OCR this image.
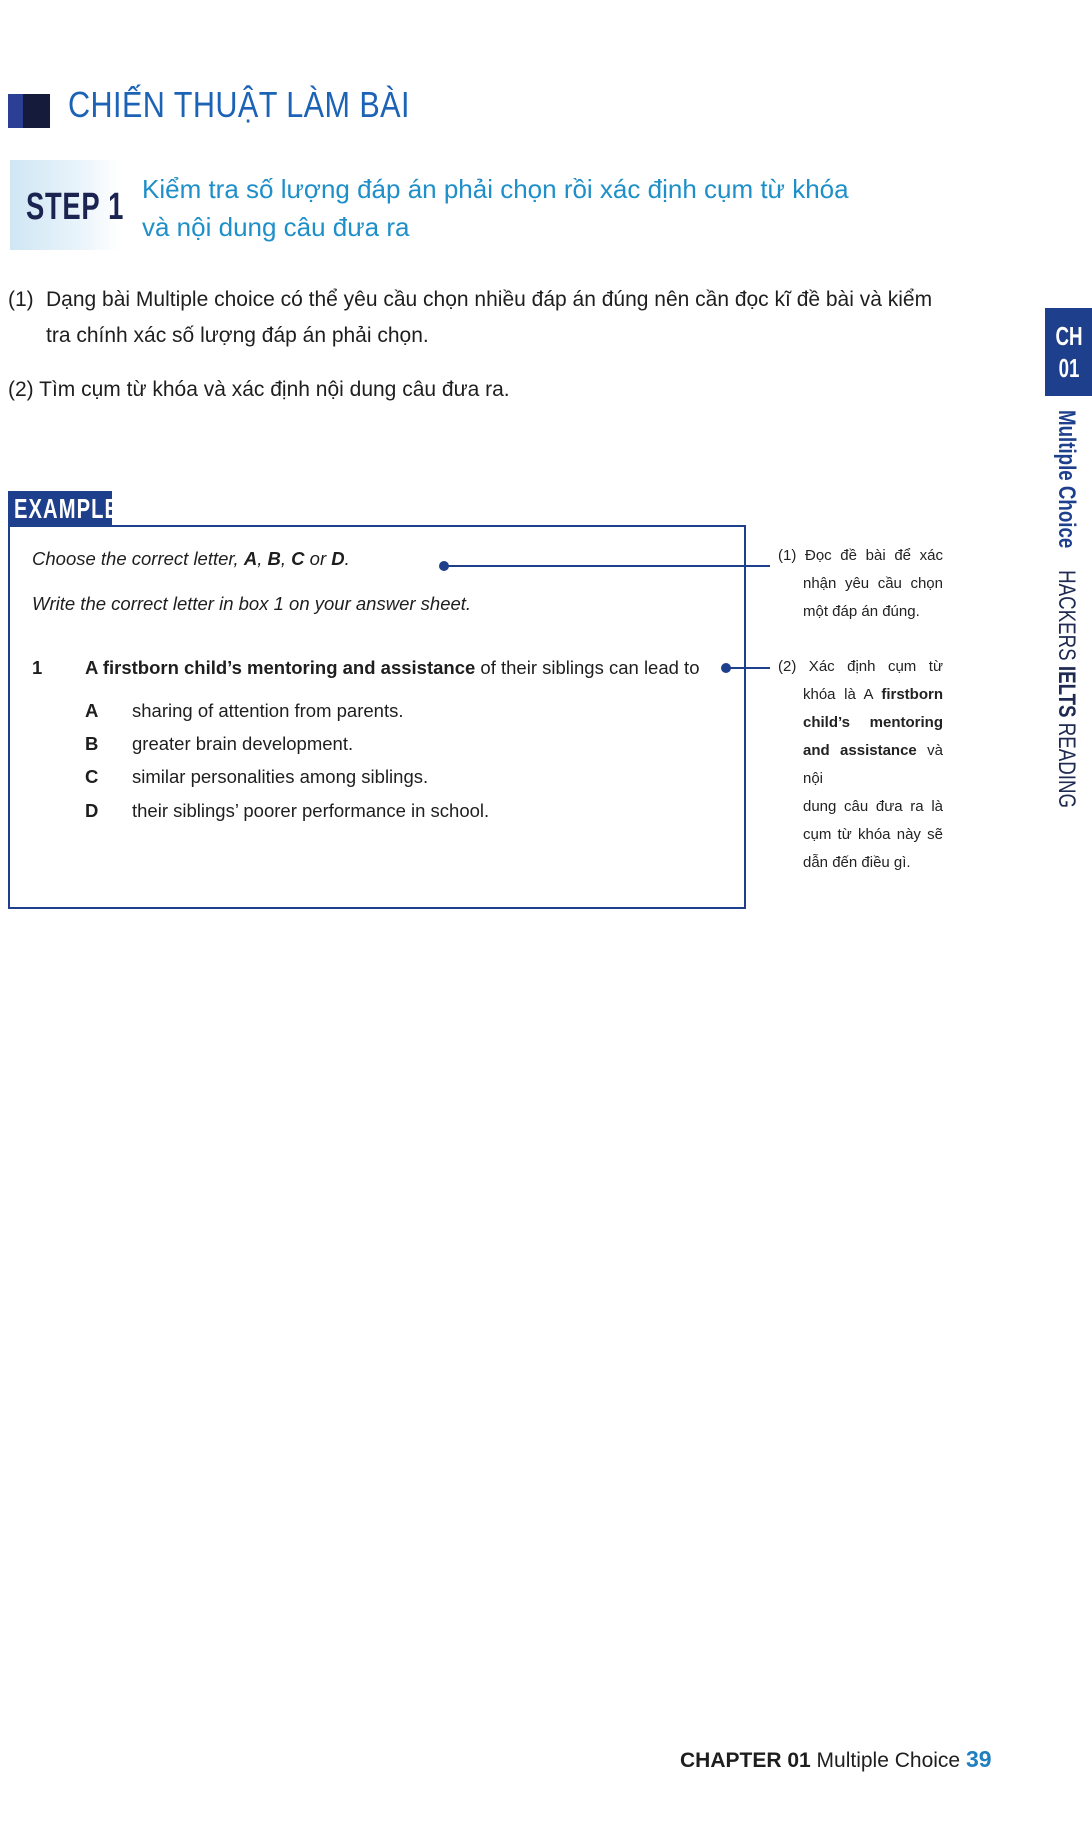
CHIẾN THUẬT LÀM BÀI
STEP 1 Kiểm tra số lượng đáp án phải chọn rồi xác định cụm từ khóa
và nội dung câu đưa ra
(1) Dạng bài Multiple choice có thể yêu cầu chọn nhiều đáp án đúng nên cần đọc kĩ đề bài và kiểm
tra chính xác số lượng đáp án phải chọn.
(2) Tìm cụm từ khóa và xác định nội dung câu đưa ra.
EXAMPLE
Choose the correct letter, A, B, C or D.
Write the correct letter in box 1 on your answer sheet.
1 A firstborn child’s mentoring and assistance of their siblings can lead to
A sharing of attention from parents.
B greater brain development.
C similar personalities among siblings.
D their siblings’ poorer performance in school.
(1) Đọc đề bài để xác
nhận yêu cầu chọn
một đáp án đúng.
(2) Xác định cụm từ
khóa là A firstborn
child’s mentoring
and assistance và nội
dung câu đưa ra là
cụm từ khóa này sẽ
dẫn đến điều gì.
CH
01
Multiple ChoiceHACKERS IELTS READING
CHAPTER 01 Multiple Choice 39
